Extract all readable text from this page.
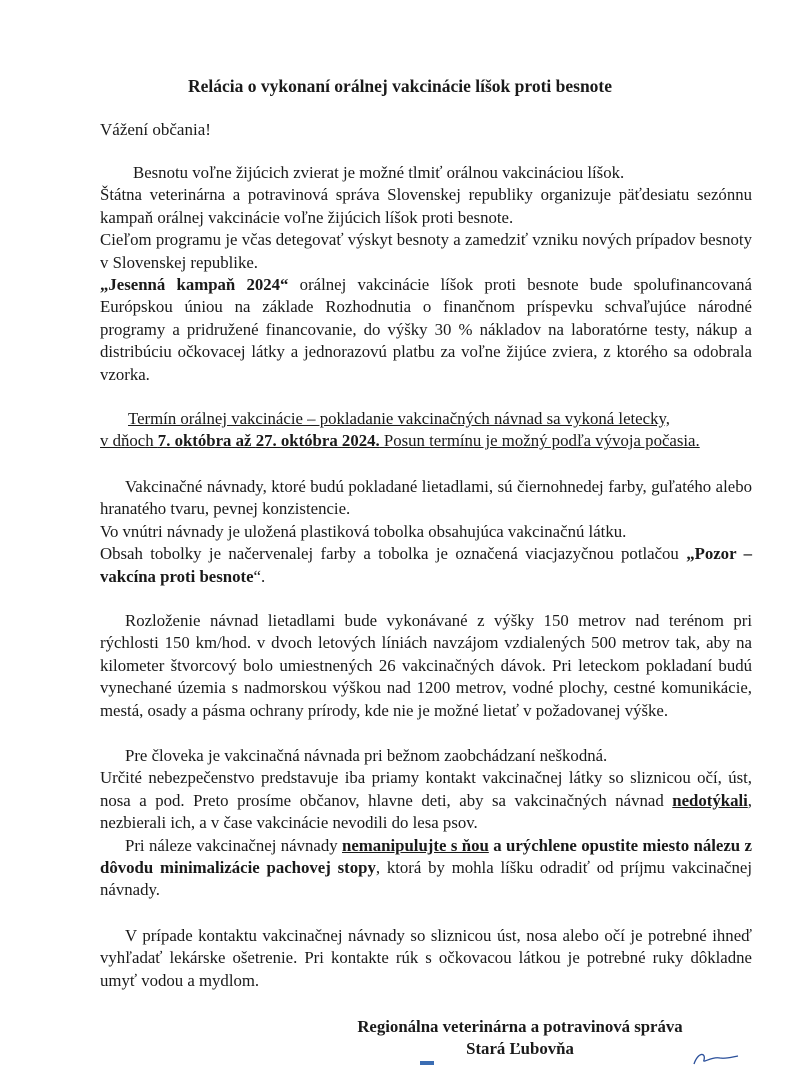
Relácia o vykonaní orálnej vakcinácie líšok proti besnote
Vážení občania!

Besnotu voľne žijúcich zvierat je možné tlmiť orálnou vakcináciou líšok.

Štátna veterinárna a potravinová správa Slovenskej republiky organizuje päťdesiatu sezónnu kampaň orálnej vakcinácie voľne žijúcich líšok proti besnote.

Cieľom programu je včas detegovať výskyt besnoty a zamedziť vzniku nových prípadov besnoty v Slovenskej republike.

„Jesenná kampaň 2024“ orálnej vakcinácie líšok proti besnote bude spolufinancovaná Európskou úniou na základe Rozhodnutia o finančnom príspevku schvaľujúce národné programy a pridružené financovanie, do výšky 30 % nákladov na laboratórne testy, nákup a distribúciu očkovacej látky a jednorazovú platbu za voľne žijúce zviera, z ktorého sa odobrala vzorka.

Termín orálnej vakcinácie – pokladanie vakcinačných návnad sa vykoná letecky,

v dňoch 7. októbra až 27. októbra 2024. Posun termínu je možný podľa vývoja počasia.

Vakcinačné návnady, ktoré budú pokladané lietadlami, sú čiernohnedej farby, guľatého alebo hranatého tvaru, pevnej konzistencie.

Vo vnútri návnady je uložená plastiková tobolka obsahujúca vakcinačnú látku.

Obsah tobolky je načervenalej farby a tobolka je označená viacjazyčnou potlačou „Pozor – vakcína proti besnote“.

Rozloženie návnad lietadlami bude vykonávané z výšky 150 metrov nad terénom pri rýchlosti 150 km/hod. v dvoch letových líniách navzájom vzdialených 500 metrov tak, aby na kilometer štvorcový bolo umiestnených 26 vakcinačných dávok. Pri leteckom pokladaní budú vynechané územia s nadmorskou výškou nad 1200 metrov, vodné plochy, cestné komunikácie, mestá, osady a pásma ochrany prírody, kde nie je možné lietať v požadovanej výške.

Pre človeka je vakcinačná návnada pri bežnom zaobchádzaní neškodná.

Určité nebezpečenstvo predstavuje iba priamy kontakt vakcinačnej látky so sliznicou očí, úst, nosa a pod. Preto prosíme občanov, hlavne deti, aby sa vakcinačných návnad nedotýkali, nezbierali ich, a v čase vakcinácie nevodili do lesa psov.

Pri náleze vakcinačnej návnady nemanipulujte s ňou a urýchlene opustite miesto nálezu z dôvodu minimalizácie pachovej stopy, ktorá by mohla líšku odradiť od príjmu vakcinačnej návnady.

V prípade kontaktu vakcinačnej návnady so sliznicou úst, nosa alebo očí je potrebné ihneď vyhľadať lekárske ošetrenie. Pri kontakte rúk s očkovacou látkou je potrebné ruky dôkladne umyť vodou a mydlom.

Regionálna veterinárna a potravinová správa
Stará Ľubovňa
